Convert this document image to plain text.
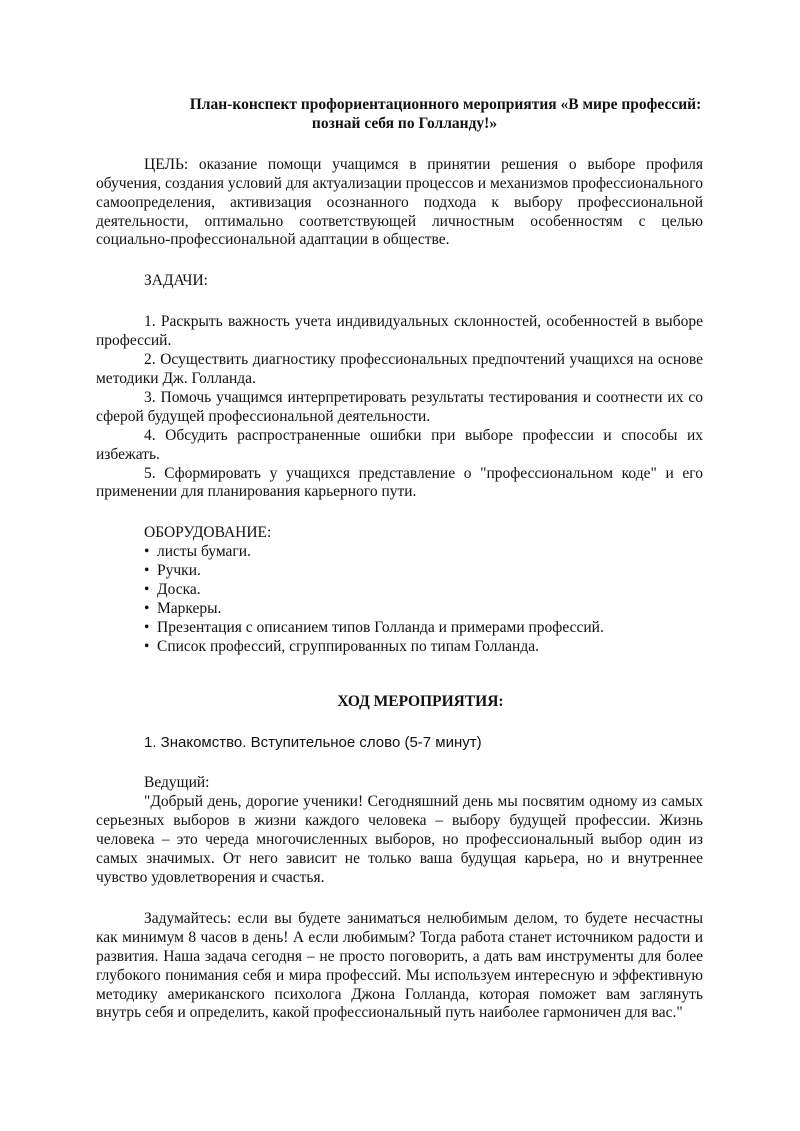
План-конспект профориентационного мероприятия «В мире профессий:
познай себя по Голланду!»

ЦЕЛЬ: оказание помощи учащимся в принятии решения о выборе профиля обучения, создания условий для актуализации процессов и механизмов профессионального самоопределения, активизация осознанного подхода к выбору профессиональной деятельности, оптимально соответствующей личностным особенностям с целью социально-профессиональной адаптации в обществе.

ЗАДАЧИ:

1. Раскрыть важность учета индивидуальных склонностей, особенностей в выборе профессий.

2. Осуществить диагностику профессиональных предпочтений учащихся на основе методики Дж. Голланда.

3. Помочь учащимся интерпретировать результаты тестирования и соотнести их со сферой будущей профессиональной деятельности.

4. Обсудить распространенные ошибки при выборе профессии и способы их избежать.

5. Сформировать у учащихся представление о "профессиональном коде" и его применении для планирования карьерного пути.

ОБОРУДОВАНИЕ:

• листы бумаги.
• Ручки.
• Доска.
• Маркеры.
• Презентация с описанием типов Голланда и примерами профессий.
• Список профессий, сгруппированных по типам Голланда.

ХОД МЕРОПРИЯТИЯ:

1. Знакомство. Вступительное слово (5-7 минут)

Ведущий:

"Добрый день, дорогие ученики! Сегодняшний день мы посвятим одному из самых серьезных выборов в жизни каждого человека – выбору будущей профессии. Жизнь человека – это череда многочисленных выборов, но профессиональный выбор один из самых значимых. От него зависит не только ваша будущая карьера, но и внутреннее чувство удовлетворения и счастья.

Задумайтесь: если вы будете заниматься нелюбимым делом, то будете несчастны как минимум 8 часов в день! А если любимым? Тогда работа станет источником радости и развития. Наша задача сегодня – не просто поговорить, а дать вам инструменты для более глубокого понимания себя и мира профессий. Мы используем интересную и эффективную методику американского психолога Джона Голланда, которая поможет вам заглянуть внутрь себя и определить, какой профессиональный путь наиболее гармоничен для вас."
